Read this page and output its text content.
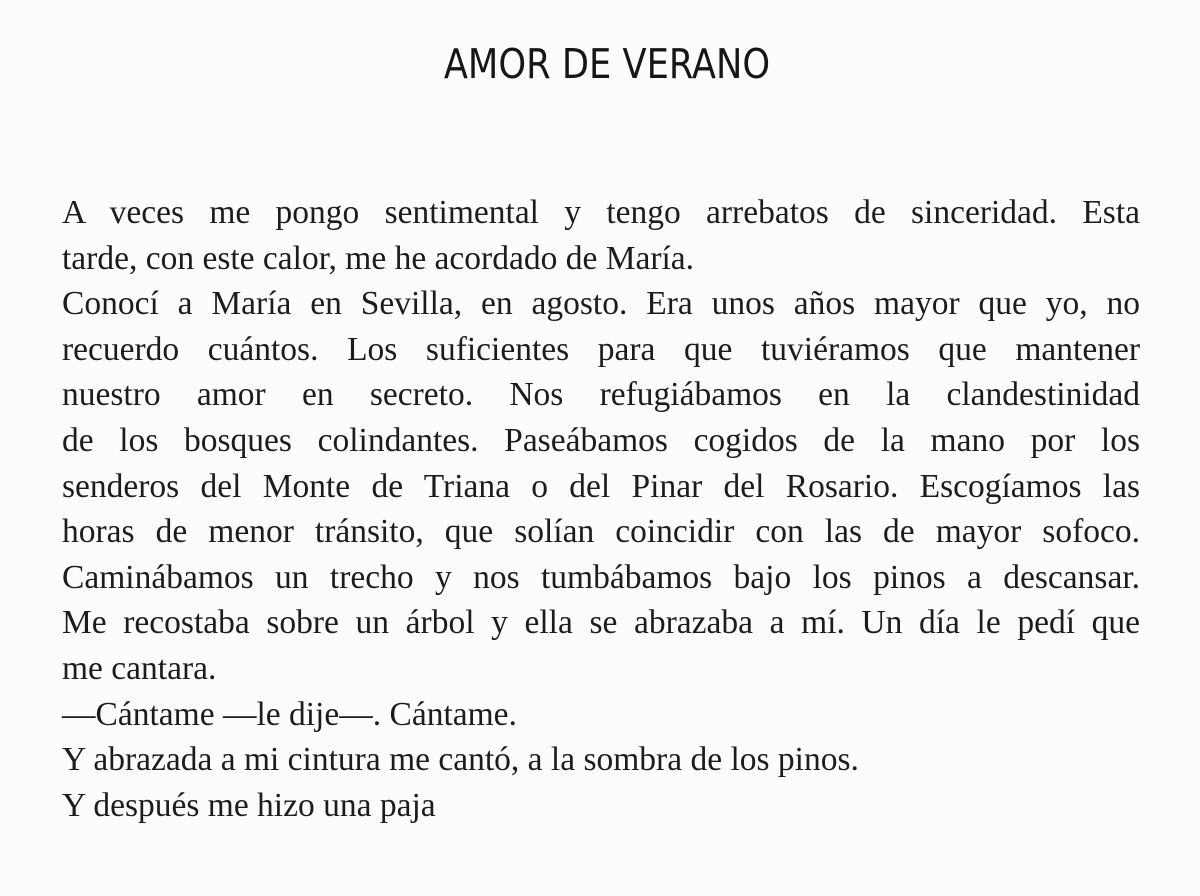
AMOR DE VERANO
A veces me pongo sentimental y tengo arrebatos de sinceridad. Esta
tarde, con este calor, me he acordado de María.
Conocí a María en Sevilla, en agosto. Era unos años mayor que yo, no
recuerdo cuántos. Los suficientes para que tuviéramos que mantener
nuestro amor en secreto. Nos refugiábamos en la clandestinidad
de los bosques colindantes. Paseábamos cogidos de la mano por los
senderos del Monte de Triana o del Pinar del Rosario. Escogíamos las
horas de menor tránsito, que solían coincidir con las de mayor sofoco.
Caminábamos un trecho y nos tumbábamos bajo los pinos a descansar.
Me recostaba sobre un árbol y ella se abrazaba a mí. Un día le pedí que
me cantara.
—Cántame —le dije—. Cántame.
Y abrazada a mi cintura me cantó, a la sombra de los pinos.
Y después me hizo una paja
